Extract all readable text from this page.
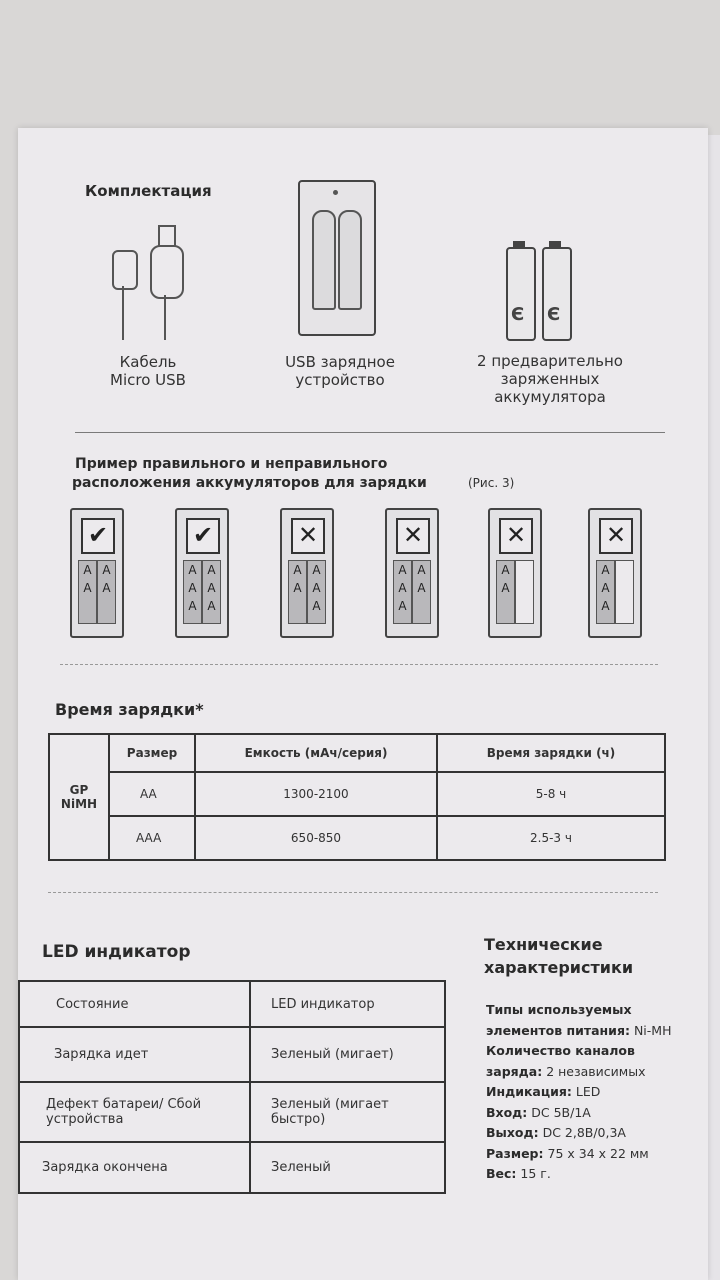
Комплектация
Є Є
Кабель
Micro USB
USB зарядное
устройство
2 предварительно
заряженных
аккумулятора
Пример правильного и неправильного
расположения аккумуляторов для зарядки	(Рис. 3)
✔
A A
A A
✔
A A A
A A A
✕
A A
A A A
✕
A A A
A A
✕
A A
✕
A A A
Время зарядки*
GP
NiMH	Размер	Емкость (мАч/серия)	Время зарядки (ч)
	AA	1300-2100	5-8 ч
	AAA	650-850	2.5-3 ч
LED индикатор
Состояние	LED индикатор
Зарядка идет	Зеленый (мигает)
Дефект батареи/ Сбой устройства	Зеленый (мигает быстро)
Зарядка окончена	Зеленый
Технические
характеристики
Типы используемых
элементов питания: Ni-MH
Количество каналов
заряда: 2 независимых
Индикация: LED
Вход: DC 5В/1А
Выход: DC 2,8В/0,3А
Размер: 75 x 34 x 22 мм
Вес: 15 г.
